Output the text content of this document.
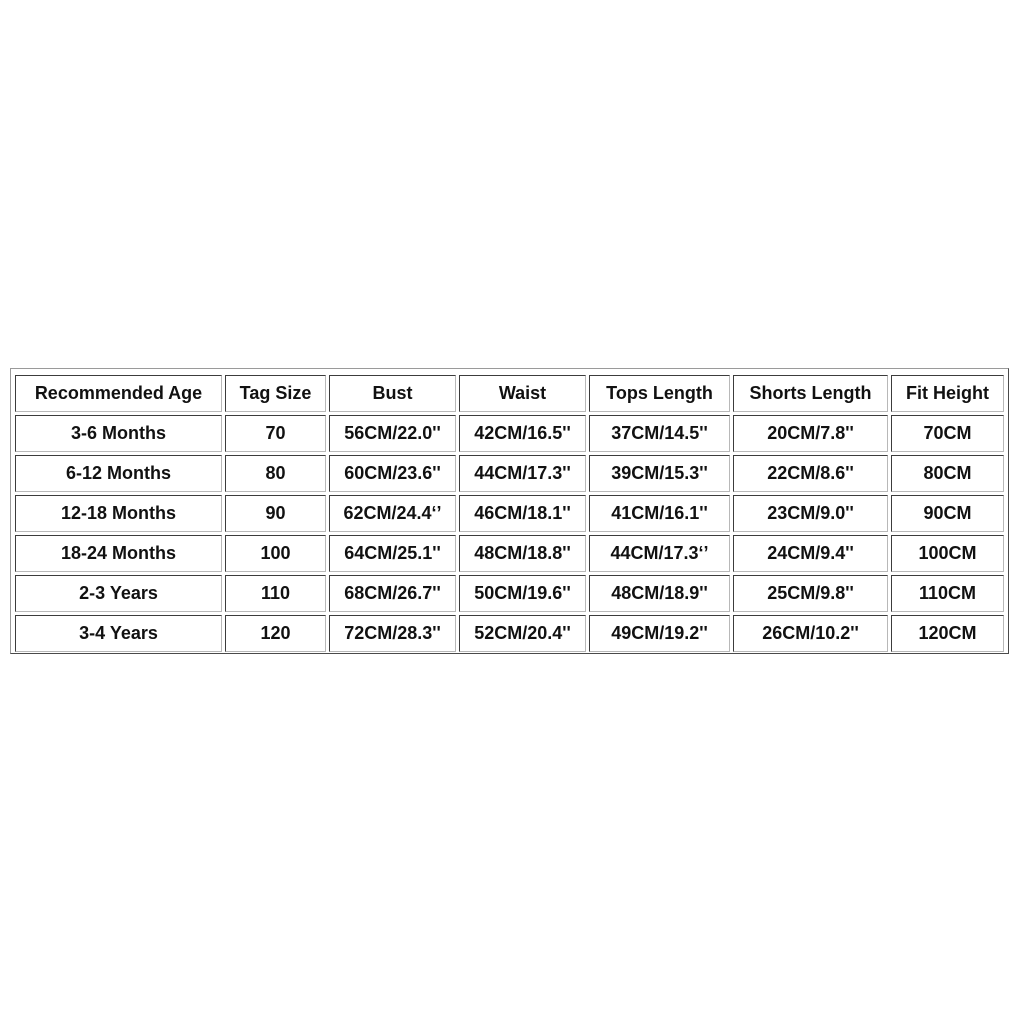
Recommended Age	Tag Size	Bust	Waist	Tops Length	Shorts Length	Fit Height
3-6 Months	70	56CM/22.0''	42CM/16.5''	37CM/14.5''	20CM/7.8''	70CM
6-12 Months	80	60CM/23.6''	44CM/17.3''	39CM/15.3''	22CM/8.6''	80CM
12-18 Months	90	62CM/24.4‘’	46CM/18.1''	41CM/16.1''	23CM/9.0''	90CM
18-24 Months	100	64CM/25.1''	48CM/18.8''	44CM/17.3‘’	24CM/9.4''	100CM
2-3 Years	110	68CM/26.7''	50CM/19.6''	48CM/18.9''	25CM/9.8''	110CM
3-4 Years	120	72CM/28.3''	52CM/20.4''	49CM/19.2''	26CM/10.2''	120CM
